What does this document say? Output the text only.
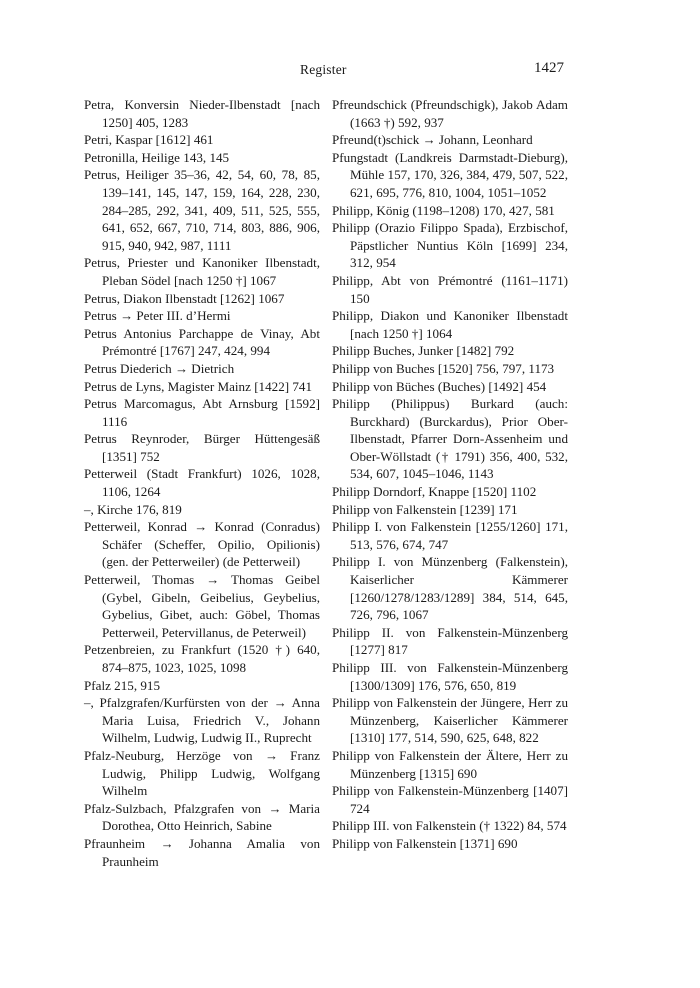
Register	1427

Petra, Konversin Nieder-Ilbenstadt [nach 1250] 405, 1283

Petri, Kaspar [1612] 461

Petronilla, Heilige 143, 145

Petrus, Heiliger 35–36, 42, 54, 60, 78, 85, 139–141, 145, 147, 159, 164, 228, 230, 284–285, 292, 341, 409, 511, 525, 555, 641, 652, 667, 710, 714, 803, 886, 906, 915, 940, 942, 987, 1111

Petrus, Priester und Kanoniker Ilbenstadt, Pleban Södel [nach 1250 †] 1067

Petrus, Diakon Ilbenstadt [1262] 1067

Petrus → Peter III. d’Hermi

Petrus Antonius Parchappe de Vinay, Abt Prémontré [1767] 247, 424, 994

Petrus Diederich → Dietrich

Petrus de Lyns, Magister Mainz [1422] 741

Petrus Marcomagus, Abt Arnsburg [1592] 1116

Petrus Reynroder, Bürger Hüttengesäß [1351] 752

Petterweil (Stadt Frankfurt) 1026, 1028, 1106, 1264

–, Kirche 176, 819

Petterweil, Konrad → Konrad (Conradus) Schäfer (Scheffer, Opilio, Opilionis) (gen. der Petterweiler) (de Petterweil)

Petterweil, Thomas → Thomas Geibel (Gybel, Gibeln, Geibelius, Geybelius, Gybelius, Gibet, auch: Göbel, Thomas Petterweil, Petervillanus, de Peterweil)

Petzenbreien, zu Frankfurt (1520 †) 640, 874–875, 1023, 1025, 1098

Pfalz 215, 915

–, Pfalzgrafen/Kurfürsten von der → Anna Maria Luisa, Friedrich V., Johann Wilhelm, Ludwig, Ludwig II., Ruprecht

Pfalz-Neuburg, Herzöge von → Franz Ludwig, Philipp Ludwig, Wolfgang Wilhelm

Pfalz-Sulzbach, Pfalzgrafen von → Maria Dorothea, Otto Heinrich, Sabine

Pfraunheim → Johanna Amalia von Praunheim

Pfreundschick (Pfreundschigk), Jakob Adam (1663 †) 592, 937

Pfreund(t)schick → Johann, Leonhard

Pfungstadt (Landkreis Darmstadt-Dieburg), Mühle 157, 170, 326, 384, 479, 507, 522, 621, 695, 776, 810, 1004, 1051–1052

Philipp, König (1198–1208) 170, 427, 581

Philipp (Orazio Filippo Spada), Erzbischof, Päpstlicher Nuntius Köln [1699] 234, 312, 954

Philipp, Abt von Prémontré (1161–1171) 150

Philipp, Diakon und Kanoniker Ilbenstadt [nach 1250 †] 1064

Philipp Buches, Junker [1482] 792

Philipp von Buches [1520] 756, 797, 1173

Philipp von Büches (Buches) [1492] 454

Philipp (Philippus) Burkard (auch: Burckhard) (Burckardus), Prior Ober-Ilbenstadt, Pfarrer Dorn-Assenheim und Ober-Wöllstadt († 1791) 356, 400, 532, 534, 607, 1045–1046, 1143

Philipp Dorndorf, Knappe [1520] 1102

Philipp von Falkenstein [1239] 171

Philipp I. von Falkenstein [1255/1260] 171, 513, 576, 674, 747

Philipp I. von Münzenberg (Falkenstein), Kaiserlicher Kämmerer [1260/1278/1283/1289] 384, 514, 645, 726, 796, 1067

Philipp II. von Falkenstein-Münzenberg [1277] 817

Philipp III. von Falkenstein-Münzenberg [1300/1309] 176, 576, 650, 819

Philipp von Falkenstein der Jüngere, Herr zu Münzenberg, Kaiserlicher Kämmerer [1310] 177, 514, 590, 625, 648, 822

Philipp von Falkenstein der Ältere, Herr zu Münzenberg [1315] 690

Philipp von Falkenstein-Münzenberg [1407] 724

Philipp III. von Falkenstein († 1322) 84, 574

Philipp von Falkenstein [1371] 690
